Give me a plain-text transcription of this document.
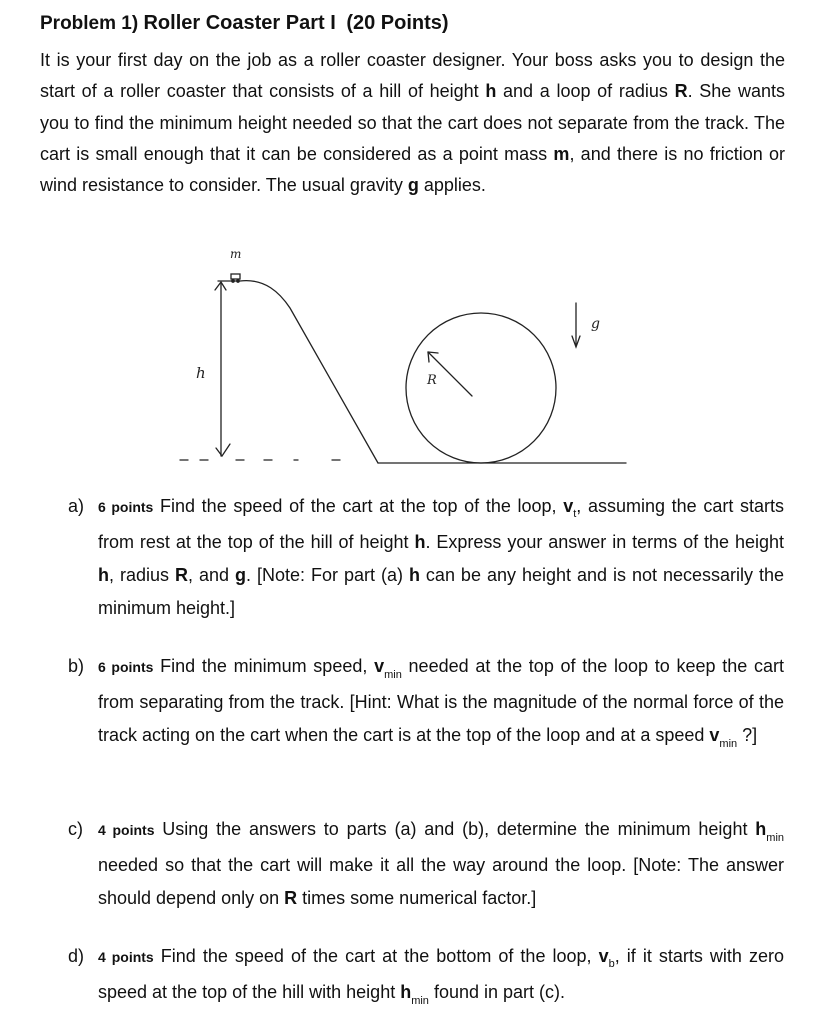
Problem 1) Roller Coaster Part I (20 Points)
It is your first day on the job as a roller coaster designer. Your boss asks you to design the start of a roller coaster that consists of a hill of height h and a loop of radius R. She wants you to find the minimum height needed so that the cart does not separate from the track. The cart is small enough that it can be considered as a point mass m, and there is no friction or wind resistance to consider. The usual gravity g applies.
m
h	R
g
a) 6 points Find the speed of the cart at the top of the loop, $v_t$, assuming the cart starts from rest at the top of the hill of height h. Express your answer in terms of the height h, radius R, and g. [Note: For part (a) h can be any height and is not necessarily the minimum height.]
b) 6 points Find the minimum speed, $v_{min}$ needed at the top of the loop to keep the cart from separating from the track. [Hint: What is the magnitude of the normal force of the track acting on the cart when the cart is at the top of the loop and at a speed $v_{min}$ ?]
c) 4 points Using the answers to parts (a) and (b), determine the minimum height $h_{min}$ needed so that the cart will make it all the way around the loop. [Note: The answer should depend only on R times some numerical factor.]
d) 4 points Find the speed of the cart at the bottom of the loop, $v_b$, if it starts with zero speed at the top of the hill with height $h_{min}$ found in part (c).
